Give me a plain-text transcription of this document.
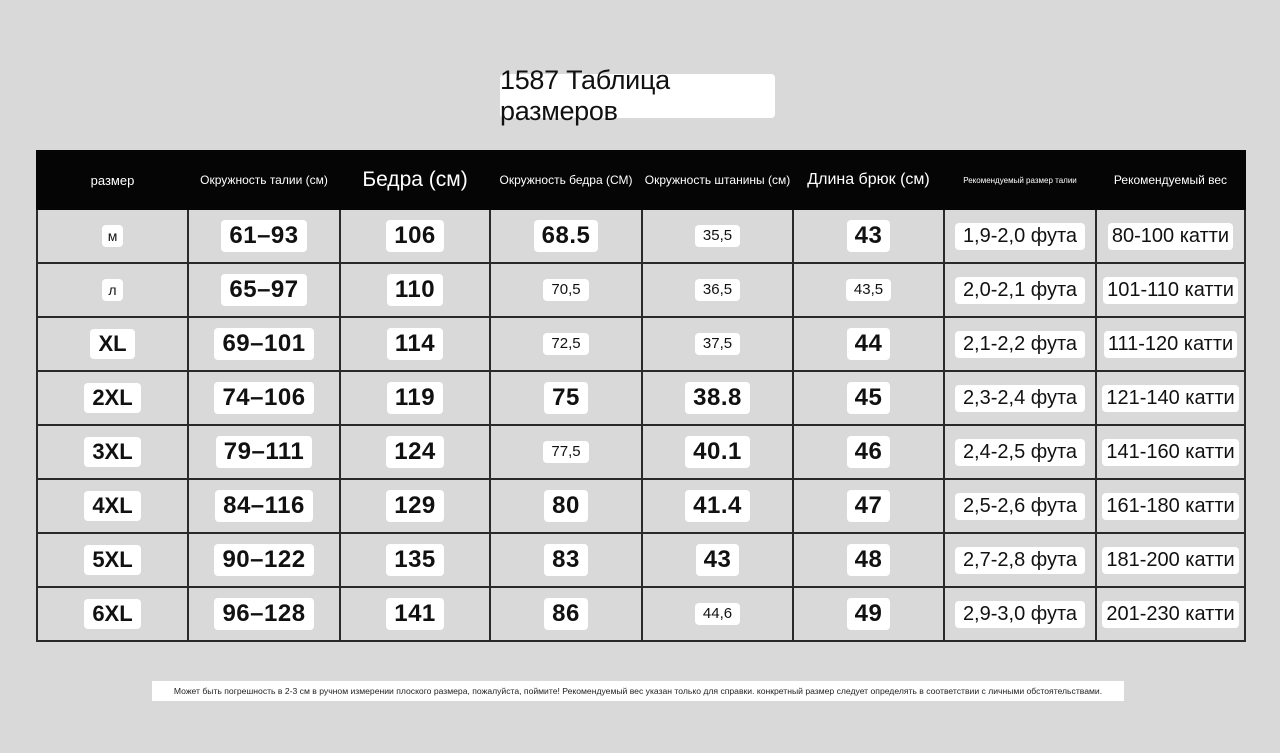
1587 Таблица размеров
размер	Окружность талии (см)	Бедра (см)	Окружность бедра (СМ)	Окружность штанины (см)	Длина брюк (см)	Рекомендуемый размер талии	Рекомендуемый вес
м	61–93	106	68.5	35,5	43	1,9-2,0 фута	80-100 катти
л	65–97	110	70,5	36,5	43,5	2,0-2,1 фута	101-110 катти
XL	69–101	114	72,5	37,5	44	2,1-2,2 фута	111-120 катти
2XL	74–106	119	75	38.8	45	2,3-2,4 фута	121-140 катти
3XL	79–111	124	77,5	40.1	46	2,4-2,5 фута	141-160 катти
4XL	84–116	129	80	41.4	47	2,5-2,6 фута	161-180 катти
5XL	90–122	135	83	43	48	2,7-2,8 фута	181-200 катти
6XL	96–128	141	86	44,6	49	2,9-3,0 фута	201-230 катти
Может быть погрешность в 2-3 см в ручном измерении плоского размера, пожалуйста, поймите! Рекомендуемый вес указан только для справки. конкретный размер следует определять в соответствии с личными обстоятельствами.
